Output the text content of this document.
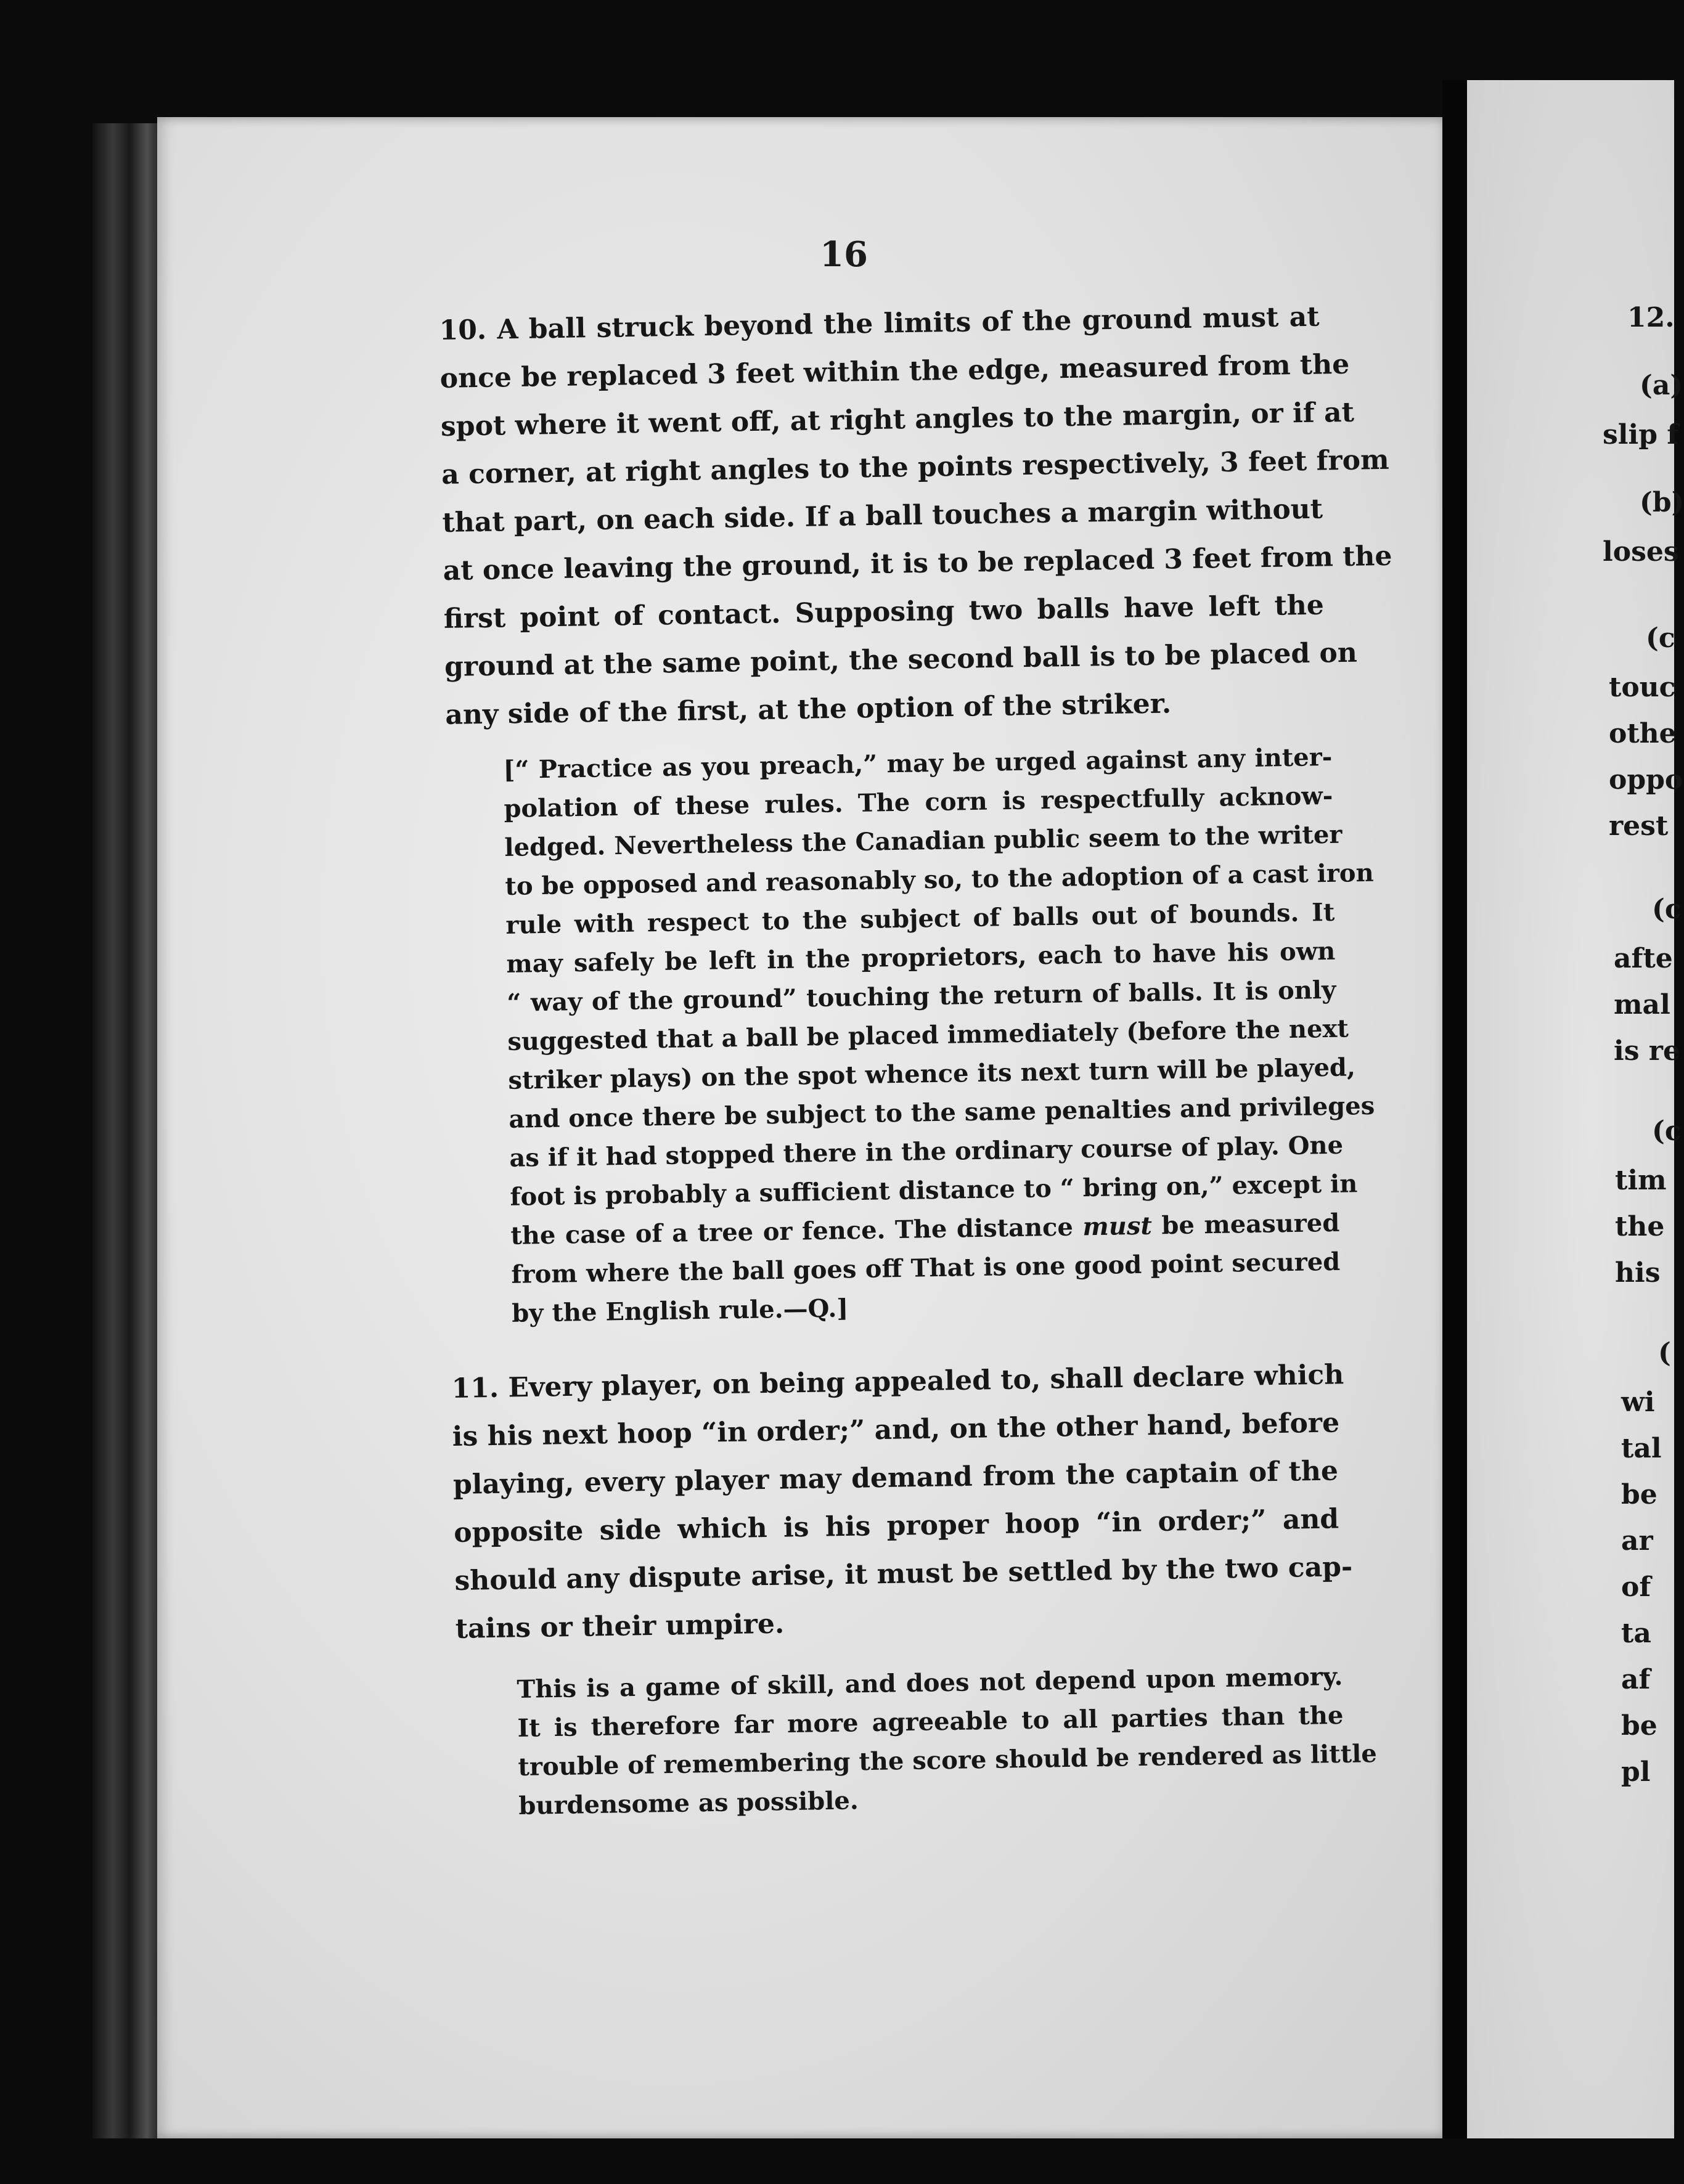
16
10. A ball struck beyond the limits of the ground must at
once be replaced 3 feet within the edge, measured from the
spot where it went off, at right angles to the margin, or if at
a corner, at right angles to the points respectively, 3 feet from
that part, on each side. If a ball touches a margin without
at once leaving the ground, it is to be replaced 3 feet from the
first point of contact. Supposing two balls have left the
ground at the same point, the second ball is to be placed on
any side of the first, at the option of the striker.
[“ Practice as you preach,” may be urged against any inter-
polation of these rules. The corn is respectfully acknow-
ledged. Nevertheless the Canadian public seem to the writer
to be opposed and reasonably so, to the adoption of a cast iron
rule with respect to the subject of balls out of bounds. It
may safely be left in the proprietors, each to have his own
“ way of the ground” touching the return of balls. It is only
suggested that a ball be placed immediately (before the next
striker plays) on the spot whence its next turn will be played,
and once there be subject to the same penalties and privileges
as if it had stopped there in the ordinary course of play. One
foot is probably a sufficient distance to “ bring on,” except in
the case of a tree or fence. The distance must be measured
from where the ball goes off That is one good point secured
by the English rule.—Q.]
11. Every player, on being appealed to, shall declare which
is his next hoop “in order;” and, on the other hand, before
playing, every player may demand from the captain of the
opposite side which is his proper hoop “in order;” and
should any dispute arise, it must be settled by the two cap-
tains or their umpire.
This is a game of skill, and does not depend upon memory.
It is therefore far more agreeable to all parties than the
trouble of remembering the score should be rendered as little
burdensome as possible.
12.
(a)
slip f
(b)
loses
(c
touc
othe
oppo
rest
(c
afte
mal
is re
(c
tim
the
his
(
wi
tal
be
ar
of
ta
af
be
pl
